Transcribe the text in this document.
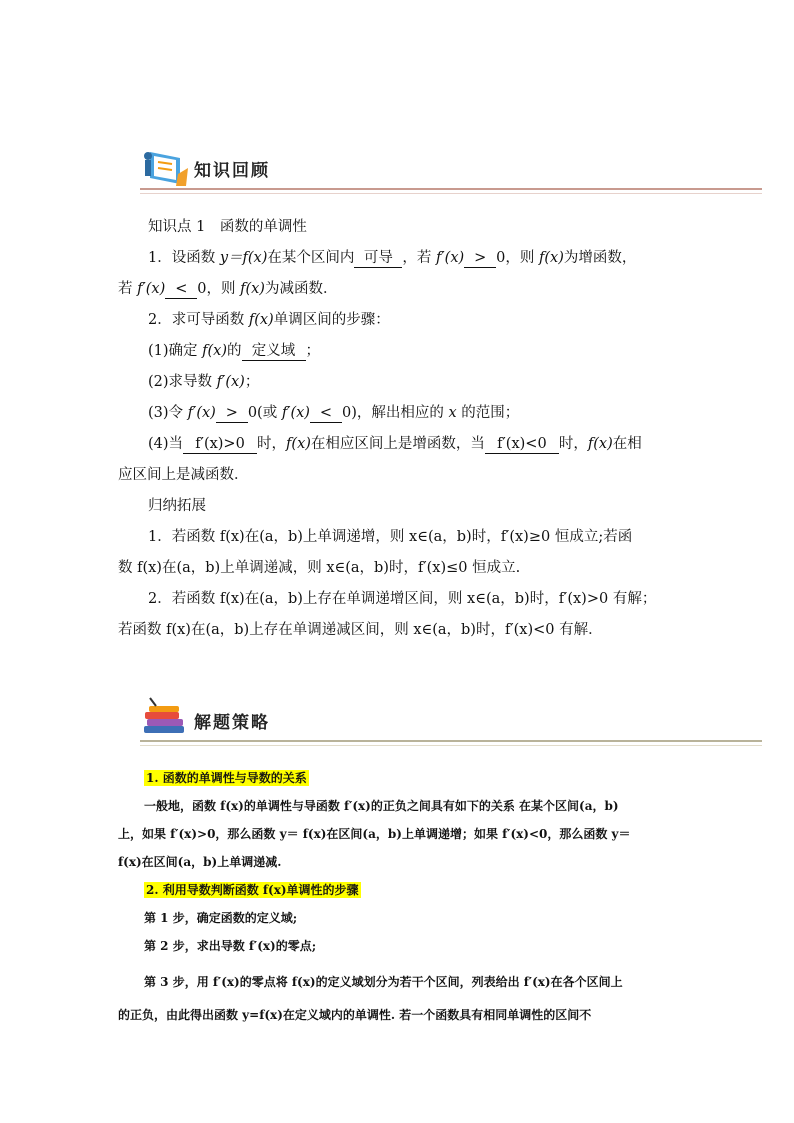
知识回顾
知识点 1　函数的单调性
1．设函数 y＝f(x)在某个区间内 可导 ，若 f′(x) > 0，则 f(x)为增函数，
若 f′(x) < 0，则 f(x)为减函数．
2．求可导函数 f(x)单调区间的步骤：
(1)确定 f(x)的 定义域 ；
(2)求导数 f′(x)；
(3)令 f′(x) > 0(或 f′(x) < 0)，解出相应的 x 的范围；
(4)当 f′(x)>0 时，f(x)在相应区间上是增函数，当 f′(x)<0 时，f(x)在相
应区间上是减函数．
归纳拓展
1．若函数 f(x)在(a，b)上单调递增，则 x∈(a，b)时，f′(x)≥0 恒成立;若函
数 f(x)在(a，b)上单调递减，则 x∈(a，b)时，f′(x)≤0 恒成立.
2．若函数 f(x)在(a，b)上存在单调递增区间，则 x∈(a，b)时，f′(x)>0 有解；
若函数 f(x)在(a，b)上存在单调递减区间，则 x∈(a，b)时，f′(x)<0 有解．
解题策略
1. 函数的单调性与导数的关系
一般地，函数 f(x)的单调性与导函数 f′(x)的正负之间具有如下的关系 在某个区间(a，b)
上，如果 f′(x)>0，那么函数 y＝ f(x)在区间(a，b)上单调递增；如果 f′(x)<0，那么函数 y＝
f(x)在区间(a，b)上单调递减.
2. 利用导数判断函数 f(x)单调性的步骤
第 1 步，确定函数的定义域;
第 2 步，求出导数 f′(x)的零点;
第 3 步，用 f′(x)的零点将 f(x)的定义域划分为若干个区间，列表给出 f′(x)在各个区间上
的正负，由此得出函数 y=f(x)在定义域内的单调性. 若一个函数具有相同单调性的区间不
